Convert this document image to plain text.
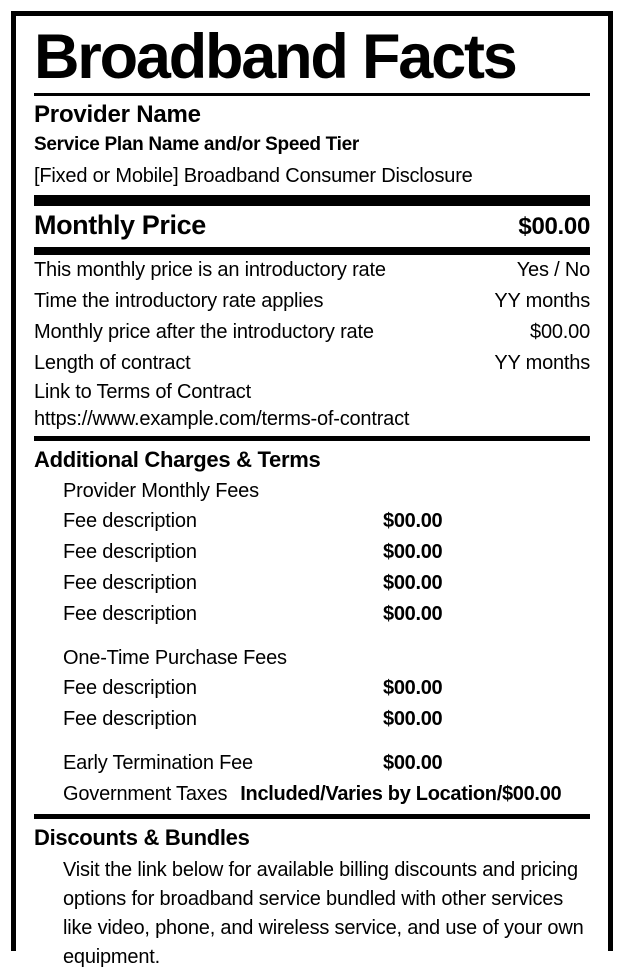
Broadband Facts
Provider Name
Service Plan Name and/or Speed Tier
[Fixed or Mobile] Broadband Consumer Disclosure
Monthly Price	$00.00
This monthly price is an introductory rate	Yes / No
Time the introductory rate applies	YY months
Monthly price after the introductory rate	$00.00
Length of contract	YY months
Link to Terms of Contract
https://www.example.com/terms-of-contract
Additional Charges & Terms
Provider Monthly Fees
Fee description	$00.00
Fee description	$00.00
Fee description	$00.00
Fee description	$00.00
One-Time Purchase Fees
Fee description	$00.00
Fee description	$00.00
Early Termination Fee	$00.00
Government Taxes Included/Varies by Location/$00.00
Discounts & Bundles
Visit the link below for available billing discounts and pricing options for broadband service bundled with other services like video, phone, and wireless service, and use of your own equipment.
